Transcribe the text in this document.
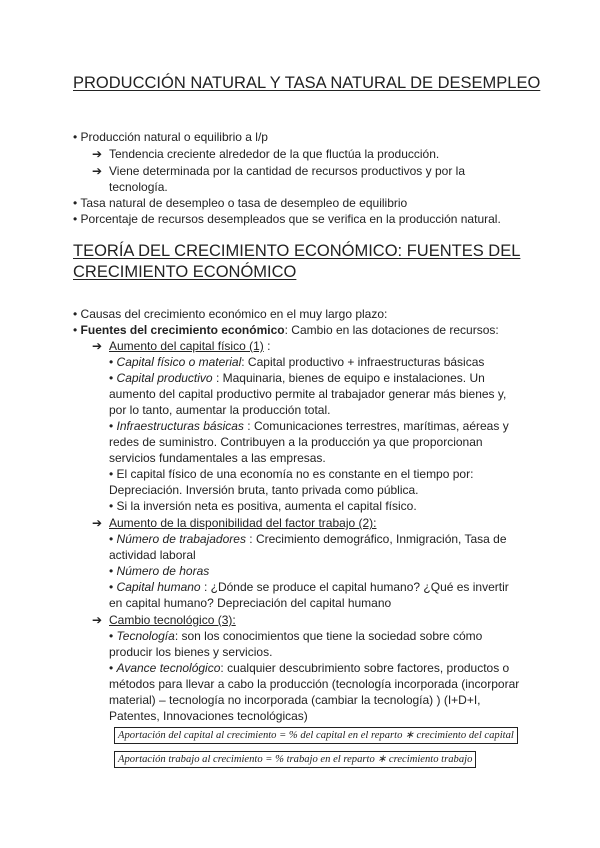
PRODUCCIÓN NATURAL Y TASA NATURAL DE DESEMPLEO
• Producción natural o equilibrio a l/p
➔ Tendencia creciente alrededor de la que fluctúa la producción.
➔ Viene determinada por la cantidad de recursos productivos y por la
tecnología.
• Tasa natural de desempleo o tasa de desempleo de equilibrio
• Porcentaje de recursos desempleados que se verifica en la producción natural.
TEORÍA DEL CRECIMIENTO ECONÓMICO: FUENTES DEL CRECIMIENTO ECONÓMICO
• Causas del crecimiento económico en el muy largo plazo:
• Fuentes del crecimiento económico: Cambio en las dotaciones de recursos:
➔ Aumento del capital físico (1) :
• Capital físico o material: Capital productivo + infraestructuras básicas
• Capital productivo : Maquinaria, bienes de equipo e instalaciones. Un
aumento del capital productivo permite al trabajador generar más bienes y,
por lo tanto, aumentar la producción total.
• Infraestructuras básicas : Comunicaciones terrestres, marítimas, aéreas y
redes de suministro. Contribuyen a la producción ya que proporcionan
servicios fundamentales a las empresas.
• El capital físico de una economía no es constante en el tiempo por:
Depreciación. Inversión bruta, tanto privada como pública.
• Si la inversión neta es positiva, aumenta el capital físico.
➔ Aumento de la disponibilidad del factor trabajo (2):
• Número de trabajadores : Crecimiento demográfico, Inmigración, Tasa de
actividad laboral
• Número de horas
• Capital humano : ¿Dónde se produce el capital humano? ¿Qué es invertir
en capital humano? Depreciación del capital humano
➔ Cambio tecnológico (3):
• Tecnología: son los conocimientos que tiene la sociedad sobre cómo
producir los bienes y servicios.
• Avance tecnológico: cualquier descubrimiento sobre factores, productos o
métodos para llevar a cabo la producción (tecnología incorporada (incorporar
material) – tecnología no incorporada (cambiar la tecnología) ) (I+D+I,
Patentes, Innovaciones tecnológicas)
Aportación del capital al crecimiento = % del capital en el reparto ∗ crecimiento del capital
Aportación trabajo al crecimiento = % trabajo en el reparto ∗ crecimiento trabajo
